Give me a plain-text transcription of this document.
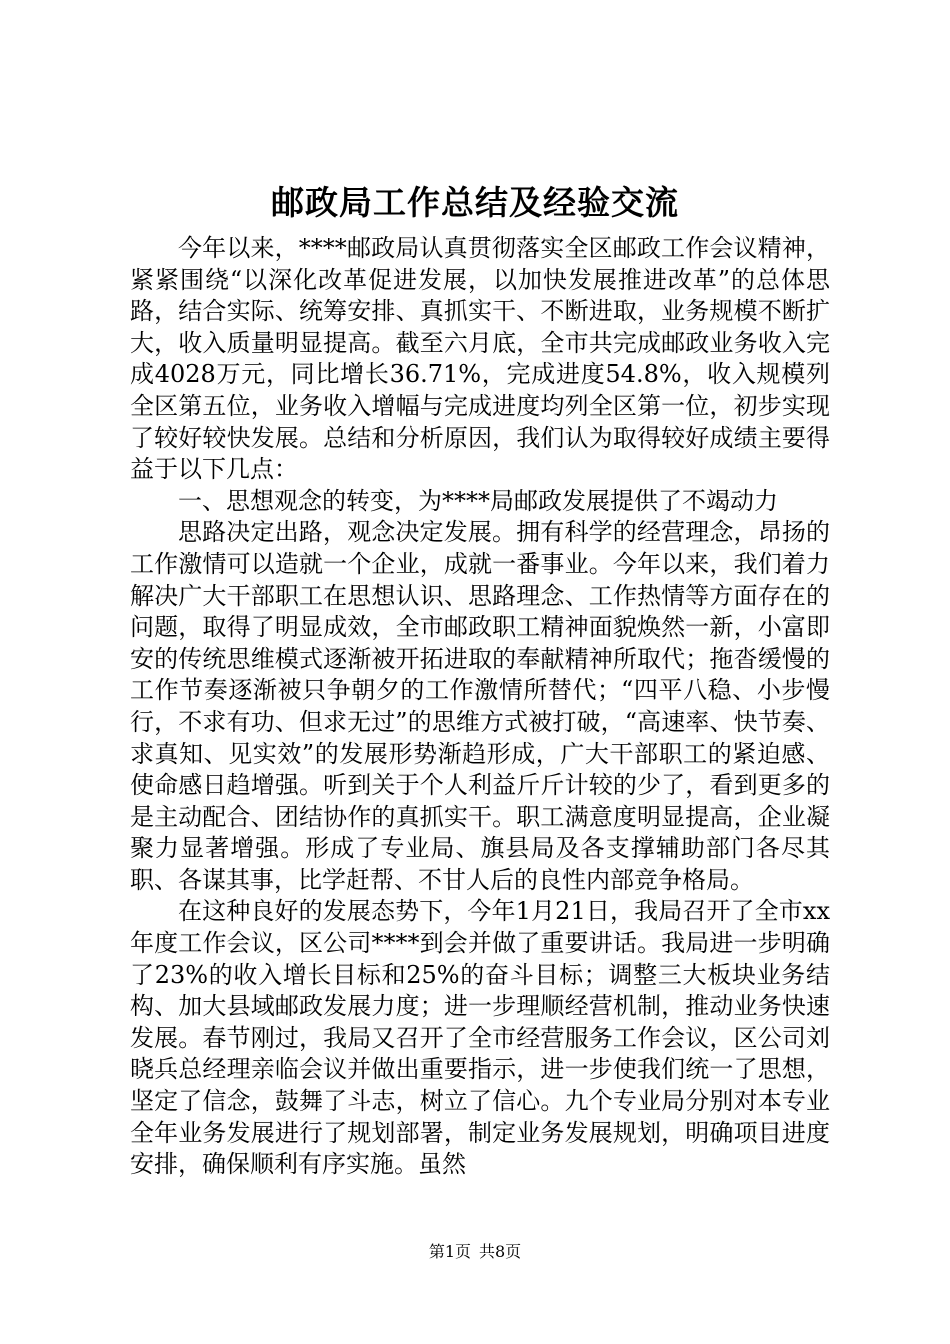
邮政局工作总结及经验交流

今年以来，****邮政局认真贯彻落实全区邮政工作会议精神，紧紧围绕“以深化改革促进发展，以加快发展推进改革”的总体思路，结合实际、统筹安排、真抓实干、不断进取，业务规模不断扩大，收入质量明显提高。截至六月底，全市共完成邮政业务收入完成4028万元，同比增长36.71%，完成进度54.8%，收入规模列全区第五位，业务收入增幅与完成进度均列全区第一位，初步实现了较好较快发展。总结和分析原因，我们认为取得较好成绩主要得益于以下几点：

一、思想观念的转变，为****局邮政发展提供了不竭动力

思路决定出路，观念决定发展。拥有科学的经营理念，昂扬的工作激情可以造就一个企业，成就一番事业。今年以来，我们着力解决广大干部职工在思想认识、思路理念、工作热情等方面存在的问题，取得了明显成效，全市邮政职工精神面貌焕然一新，小富即安的传统思维模式逐渐被开拓进取的奉献精神所取代；拖沓缓慢的工作节奏逐渐被只争朝夕的工作激情所替代；“四平八稳、小步慢行，不求有功、但求无过”的思维方式被打破，“高速率、快节奏、求真知、见实效”的发展形势渐趋形成，广大干部职工的紧迫感、使命感日趋增强。听到关于个人利益斤斤计较的少了，看到更多的是主动配合、团结协作的真抓实干。职工满意度明显提高，企业凝聚力显著增强。形成了专业局、旗县局及各支撑辅助部门各尽其职、各谋其事，比学赶帮、不甘人后的良性内部竞争格局。

在这种良好的发展态势下，今年1月21日，我局召开了全市xx年度工作会议，区公司****到会并做了重要讲话。我局进一步明确了23%的收入增长目标和25%的奋斗目标；调整三大板块业务结构、加大县域邮政发展力度；进一步理顺经营机制，推动业务快速发展。春节刚过，我局又召开了全市经营服务工作会议，区公司刘晓兵总经理亲临会议并做出重要指示，进一步使我们统一了思想，坚定了信念，鼓舞了斗志，树立了信心。九个专业局分别对本专业全年业务发展进行了规划部署，制定业务发展规划，明确项目进度安排，确保顺利有序实施。虽然

第1页 共8页
